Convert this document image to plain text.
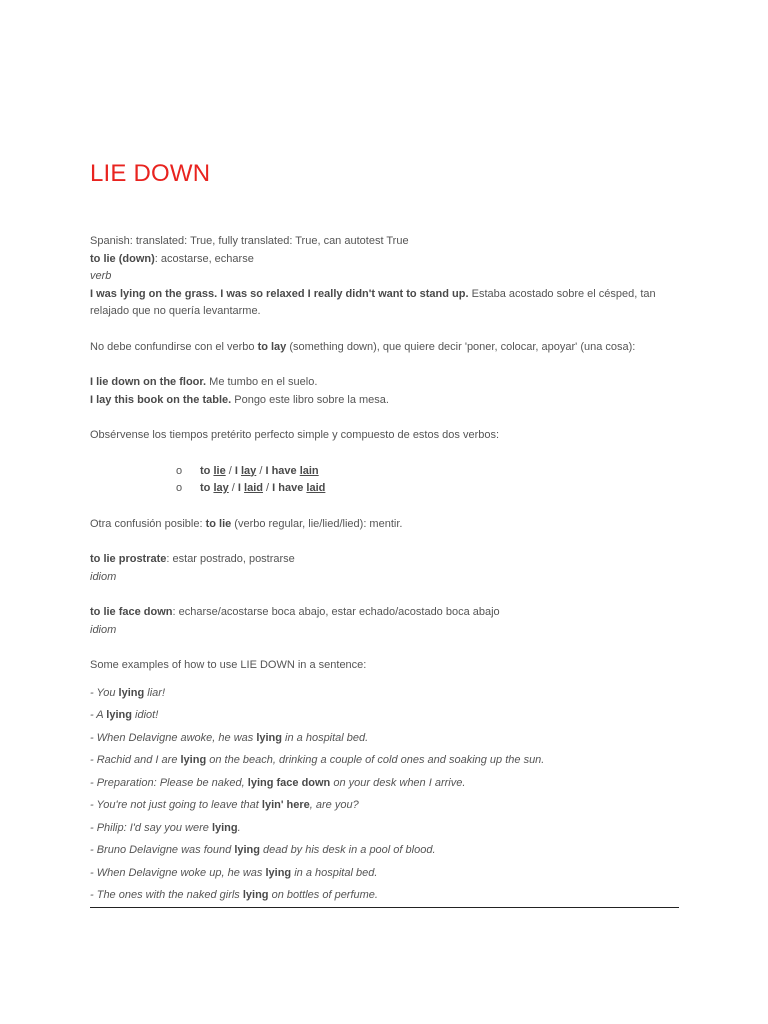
LIE DOWN

Spanish: translated: True, fully translated: True, can autotest True

to lie (down): acostarse, echarse

verb

I was lying on the grass. I was so relaxed I really didn't want to stand up. Estaba acostado sobre el césped, tan relajado que no quería levantarme.

No debe confundirse con el verbo to lay (something down), que quiere decir 'poner, colocar, apoyar' (una cosa):

I lie down on the floor. Me tumbo en el suelo.

I lay this book on the table. Pongo este libro sobre la mesa.

Obsérvense los tiempos pretérito perfecto simple y compuesto de estos dos verbos:

o to lie / I lay / I have lain

o to lay / I laid / I have laid

Otra confusión posible: to lie (verbo regular, lie/lied/lied): mentir.

to lie prostrate: estar postrado, postrarse

idiom

to lie face down: echarse/acostarse boca abajo, estar echado/acostado boca abajo

idiom

Some examples of how to use LIE DOWN in a sentence:

- You lying liar!

- A lying idiot!

- When Delavigne awoke, he was lying in a hospital bed.

- Rachid and I are lying on the beach, drinking a couple of cold ones and soaking up the sun.

- Preparation: Please be naked, lying face down on your desk when I arrive.

- You're not just going to leave that lyin' here, are you?

- Philip: I'd say you were lying.

- Bruno Delavigne was found lying dead by his desk in a pool of blood.

- When Delavigne woke up, he was lying in a hospital bed.

- The ones with the naked girls lying on bottles of perfume.
